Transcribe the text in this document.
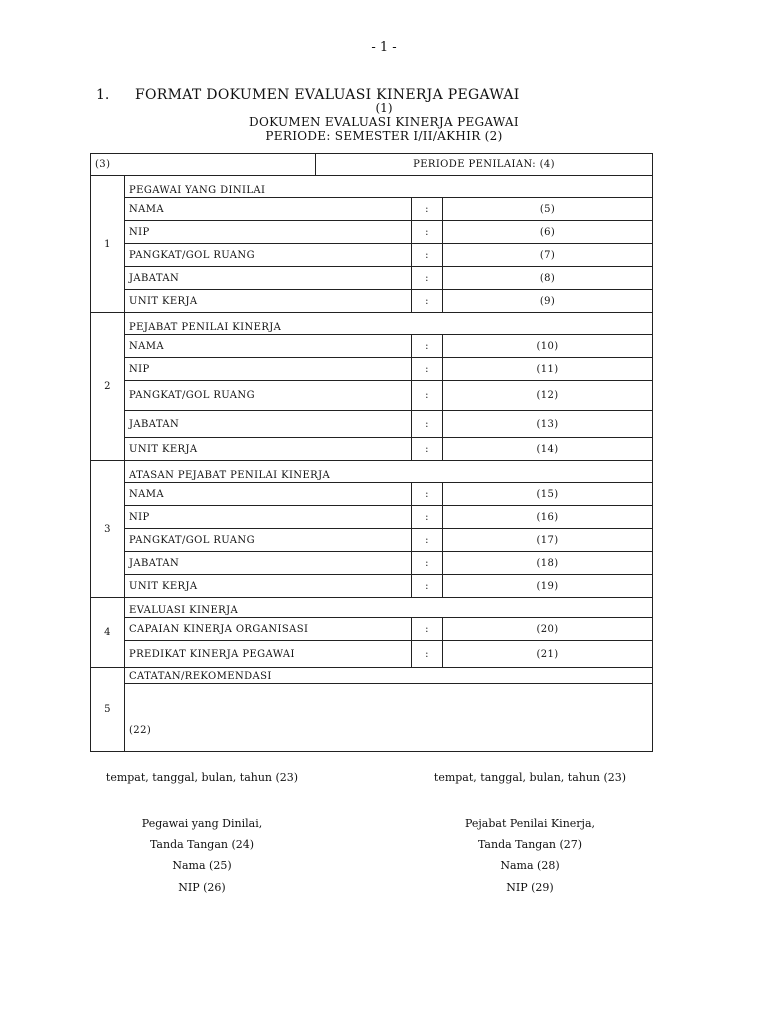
- 1 -
1. FORMAT DOKUMEN EVALUASI KINERJA PEGAWAI
(1)
DOKUMEN EVALUASI KINERJA PEGAWAI
PERIODE: SEMESTER I/II/AKHIR (2)
(3)		PERIODE PENILAIAN: (4)		
1	PEGAWAI YANG DINILAI			
	NAMA		:	(5)
	NIP		:	(6)
	PANGKAT/GOL RUANG		:	(7)
	JABATAN		:	(8)
	UNIT KERJA		:	(9)
2	PEJABAT PENILAI KINERJA			
	NAMA		:	(10)
	NIP		:	(11)
	PANGKAT/GOL RUANG		:	(12)
	JABATAN		:	(13)
	UNIT KERJA		:	(14)
3	ATASAN PEJABAT PENILAI KINERJA			
	NAMA		:	(15)
	NIP		:	(16)
	PANGKAT/GOL RUANG		:	(17)
	JABATAN		:	(18)
	UNIT KERJA		:	(19)
4	EVALUASI KINERJA			
	CAPAIAN KINERJA ORGANISASI		:	(20)
	PREDIKAT KINERJA PEGAWAI		:	(21)
5	CATATAN/REKOMENDASI			

	(22)			
tempat, tanggal, bulan, tahun (23)
Pegawai yang Dinilai,
Tanda Tangan (24)
Nama (25)
NIP (26)
tempat, tanggal, bulan, tahun (23)
Pejabat Penilai Kinerja,
Tanda Tangan (27)
Nama (28)
NIP (29)
